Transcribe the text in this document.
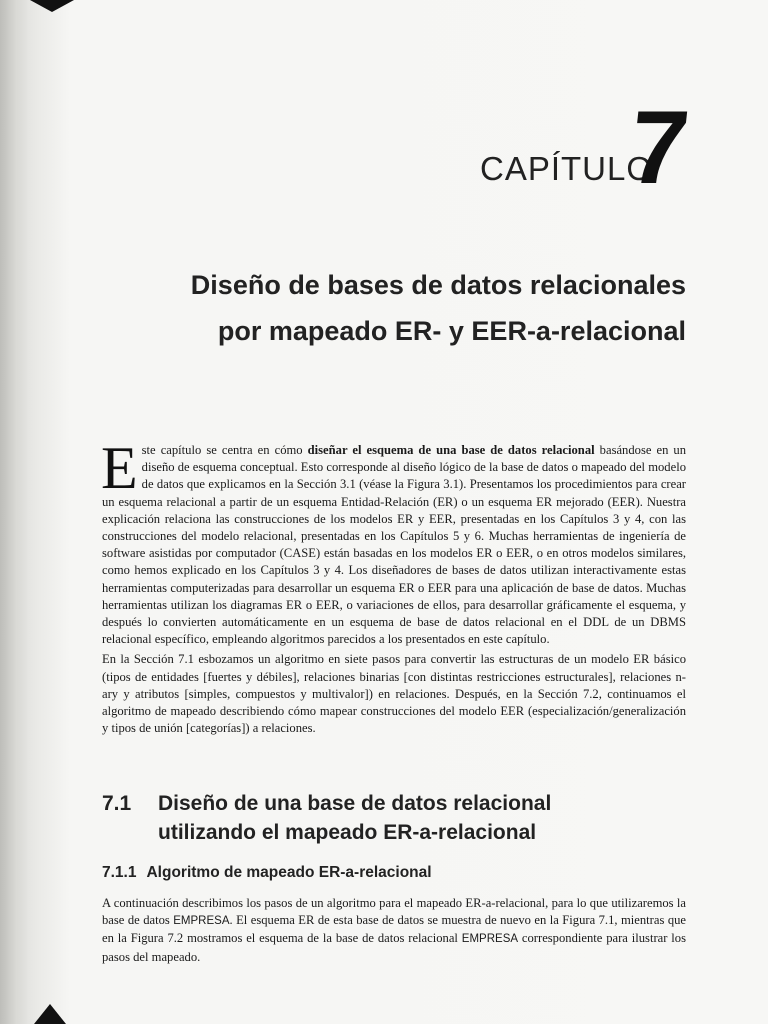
CAPÍTULO
7
Diseño de bases de datos relacionales
por mapeado ER- y EER-a-relacional

Este capítulo se centra en cómo diseñar el esquema de una base de datos relacional basándose en un diseño de esquema conceptual. Esto corresponde al diseño lógico de la base de datos o mapeado del modelo de datos que explicamos en la Sección 3.1 (véase la Figura 3.1). Presentamos los procedimientos para crear un esquema relacional a partir de un esquema Entidad-Relación (ER) o un esquema ER mejorado (EER). Nuestra explicación relaciona las construcciones de los modelos ER y EER, presentadas en los Capítulos 3 y 4, con las construcciones del modelo relacional, presentadas en los Capítulos 5 y 6. Muchas herramientas de ingeniería de software asistidas por computador (CASE) están basadas en los modelos ER o EER, o en otros modelos similares, como hemos explicado en los Capítulos 3 y 4. Los diseñadores de bases de datos utilizan interactivamente estas herramientas computerizadas para desarrollar un esquema ER o EER para una aplicación de base de datos. Muchas herramientas utilizan los diagramas ER o EER, o variaciones de ellos, para desarrollar gráficamente el esquema, y después lo convierten automáticamente en un esquema de base de datos relacional en el DDL de un DBMS relacional específico, empleando algoritmos parecidos a los presentados en este capítulo.

En la Sección 7.1 esbozamos un algoritmo en siete pasos para convertir las estructuras de un modelo ER básico (tipos de entidades [fuertes y débiles], relaciones binarias [con distintas restricciones estructurales], relaciones n-ary y atributos [simples, compuestos y multivalor]) en relaciones. Después, en la Sección 7.2, continuamos el algoritmo de mapeado describiendo cómo mapear construcciones del modelo EER (especialización/generalización y tipos de unión [categorías]) a relaciones.

7.1 Diseño de una base de datos relacional
utilizando el mapeado ER-a-relacional
7.1.1 Algoritmo de mapeado ER-a-relacional

A continuación describimos los pasos de un algoritmo para el mapeado ER-a-relacional, para lo que utilizaremos la base de datos EMPRESA. El esquema ER de esta base de datos se muestra de nuevo en la Figura 7.1, mientras que en la Figura 7.2 mostramos el esquema de la base de datos relacional EMPRESA correspondiente para ilustrar los pasos del mapeado.
